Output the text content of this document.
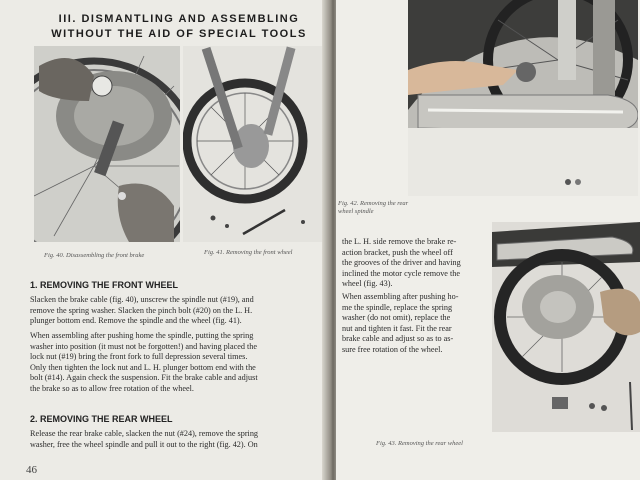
III. DISMANTLING AND ASSEMBLING
WITHOUT THE AID OF SPECIAL TOOLS
Fig. 40. Disassembling the front brake	Fig. 41. Removing the front wheel
1. REMOVING THE FRONT WHEEL
Slacken the brake cable (fig. 40), unscrew the spindle nut (#19), and
remove the spring washer. Slacken the pinch bolt (#20) on the L. H.
plunger bottom end. Remove the spindle and the wheel (fig. 41).
When assembling after pushing home the spindle, putting the spring
washer into position (it must not be forgotten!) and having placed the
lock nut (#19) bring the front fork to full depression several times.
Only then tighten the lock nut and L. H. plunger bottom end with the
bolt (#14). Again check the suspension. Fit the brake cable and adjust
the brake so as to allow free rotation of the wheel.
2. REMOVING THE REAR WHEEL
Release the rear brake cable, slacken the nut (#24), remove the spring
washer, free the wheel spindle and pull it out to the right (fig. 42). On
46
Fig. 42. Removing the rear wheel spindle
the L. H. side remove the brake re-
action bracket, push the wheel off
the grooves of the driver and having
inclined the motor cycle remove the
wheel (fig. 43).
When assembling after pushing ho-
me the spindle, replace the spring
washer (do not omit), replace the
nut and tighten it fast. Fit the rear
brake cable and adjust so as to as-
sure free rotation of the wheel.
Fig. 43. Removing the rear wheel
